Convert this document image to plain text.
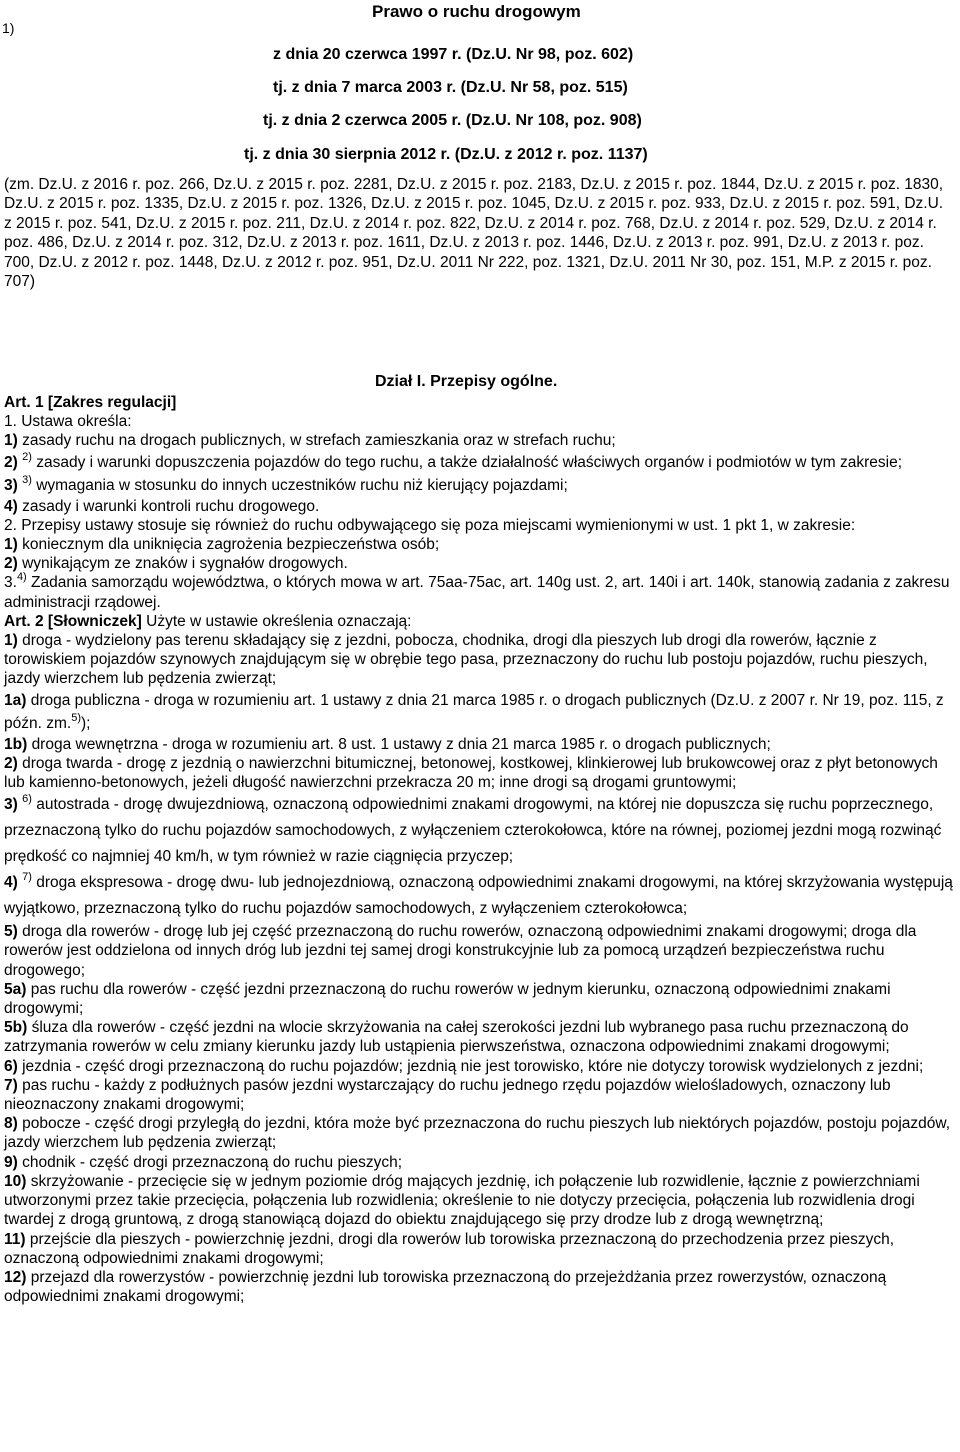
1)
Prawo o ruchu drogowym
z dnia 20 czerwca 1997 r. (Dz.U. Nr 98, poz. 602)
tj. z dnia 7 marca 2003 r. (Dz.U. Nr 58, poz. 515)
tj. z dnia 2 czerwca 2005 r. (Dz.U. Nr 108, poz. 908)
tj. z dnia 30 sierpnia 2012 r. (Dz.U. z 2012 r. poz. 1137)
(zm. Dz.U. z 2016 r. poz. 266, Dz.U. z 2015 r. poz. 2281, Dz.U. z 2015 r. poz. 2183, Dz.U. z 2015 r. poz. 1844, Dz.U. z 2015 r. poz. 1830, Dz.U. z 2015 r. poz. 1335, Dz.U. z 2015 r. poz. 1326, Dz.U. z 2015 r. poz. 1045, Dz.U. z 2015 r. poz. 933, Dz.U. z 2015 r. poz. 591, Dz.U. z 2015 r. poz. 541, Dz.U. z 2015 r. poz. 211, Dz.U. z 2014 r. poz. 822, Dz.U. z 2014 r. poz. 768, Dz.U. z 2014 r. poz. 529, Dz.U. z 2014 r. poz. 486, Dz.U. z 2014 r. poz. 312, Dz.U. z 2013 r. poz. 1611, Dz.U. z 2013 r. poz. 1446, Dz.U. z 2013 r. poz. 991, Dz.U. z 2013 r. poz. 700, Dz.U. z 2012 r. poz. 1448, Dz.U. z 2012 r. poz. 951, Dz.U. 2011 Nr 222, poz. 1321, Dz.U. 2011 Nr 30, poz. 151, M.P. z 2015 r. poz. 707)
Dział I. Przepisy ogólne.

Art. 1 [Zakres regulacji]

1. Ustawa określa:

1) zasady ruchu na drogach publicznych, w strefach zamieszkania oraz w strefach ruchu;

2) $^{2)}$ zasady i warunki dopuszczenia pojazdów do tego ruchu, a także działalność właściwych organów i podmiotów w tym zakresie;

3) $^{3)}$ wymagania w stosunku do innych uczestników ruchu niż kierujący pojazdami;

4) zasady i warunki kontroli ruchu drogowego.

2. Przepisy ustawy stosuje się również do ruchu odbywającego się poza miejscami wymienionymi w ust. 1 pkt 1, w zakresie:

1) koniecznym dla uniknięcia zagrożenia bezpieczeństwa osób;

2) wynikającym ze znaków i sygnałów drogowych.

3.$^{4)}$ Zadania samorządu województwa, o których mowa w art. 75aa-75ac, art. 140g ust. 2, art. 140i i art. 140k, stanowią zadania z zakresu administracji rządowej.

Art. 2 [Słowniczek] Użyte w ustawie określenia oznaczają:

1) droga - wydzielony pas terenu składający się z jezdni, pobocza, chodnika, drogi dla pieszych lub drogi dla rowerów, łącznie z torowiskiem pojazdów szynowych znajdującym się w obrębie tego pasa, przeznaczony do ruchu lub postoju pojazdów, ruchu pieszych, jazdy wierzchem lub pędzenia zwierząt;

1a) droga publiczna - droga w rozumieniu art. 1 ustawy z dnia 21 marca 1985 r. o drogach publicznych (Dz.U. z 2007 r. Nr 19, poz. 115, z późn. zm.$^{5)}$);

1b) droga wewnętrzna - droga w rozumieniu art. 8 ust. 1 ustawy z dnia 21 marca 1985 r. o drogach publicznych;

2) droga twarda - drogę z jezdnią o nawierzchni bitumicznej, betonowej, kostkowej, klinkierowej lub brukowcowej oraz z płyt betonowych lub kamienno-betonowych, jeżeli długość nawierzchni przekracza 20 m; inne drogi są drogami gruntowymi;

3) $^{6)}$ autostrada - drogę dwujezdniową, oznaczoną odpowiednimi znakami drogowymi, na której nie dopuszcza się ruchu poprzecznego, przeznaczoną tylko do ruchu pojazdów samochodowych, z wyłączeniem czterokołowca, które na równej, poziomej jezdni mogą rozwinąć prędkość co najmniej 40 km/h, w tym również w razie ciągnięcia przyczep;

4) $^{7)}$ droga ekspresowa - drogę dwu- lub jednojezdniową, oznaczoną odpowiednimi znakami drogowymi, na której skrzyżowania występują wyjątkowo, przeznaczoną tylko do ruchu pojazdów samochodowych, z wyłączeniem czterokołowca;

5) droga dla rowerów - drogę lub jej część przeznaczoną do ruchu rowerów, oznaczoną odpowiednimi znakami drogowymi; droga dla rowerów jest oddzielona od innych dróg lub jezdni tej samej drogi konstrukcyjnie lub za pomocą urządzeń bezpieczeństwa ruchu drogowego;

5a) pas ruchu dla rowerów - część jezdni przeznaczoną do ruchu rowerów w jednym kierunku, oznaczoną odpowiednimi znakami drogowymi;

5b) śluza dla rowerów - część jezdni na wlocie skrzyżowania na całej szerokości jezdni lub wybranego pasa ruchu przeznaczoną do zatrzymania rowerów w celu zmiany kierunku jazdy lub ustąpienia pierwszeństwa, oznaczona odpowiednimi znakami drogowymi;

6) jezdnia - część drogi przeznaczoną do ruchu pojazdów; jezdnią nie jest torowisko, które nie dotyczy torowisk wydzielonych z jezdni;

7) pas ruchu - każdy z podłużnych pasów jezdni wystarczający do ruchu jednego rzędu pojazdów wielośladowych, oznaczony lub nieoznaczony znakami drogowymi;

8) pobocze - część drogi przyległą do jezdni, która może być przeznaczona do ruchu pieszych lub niektórych pojazdów, postoju pojazdów, jazdy wierzchem lub pędzenia zwierząt;

9) chodnik - część drogi przeznaczoną do ruchu pieszych;

10) skrzyżowanie - przecięcie się w jednym poziomie dróg mających jezdnię, ich połączenie lub rozwidlenie, łącznie z powierzchniami utworzonymi przez takie przecięcia, połączenia lub rozwidlenia; określenie to nie dotyczy przecięcia, połączenia lub rozwidlenia drogi twardej z drogą gruntową, z drogą stanowiącą dojazd do obiektu znajdującego się przy drodze lub z drogą wewnętrzną;

11) przejście dla pieszych - powierzchnię jezdni, drogi dla rowerów lub torowiska przeznaczoną do przechodzenia przez pieszych, oznaczoną odpowiednimi znakami drogowymi;

12) przejazd dla rowerzystów - powierzchnię jezdni lub torowiska przeznaczoną do przejeżdżania przez rowerzystów, oznaczoną odpowiednimi znakami drogowymi;
